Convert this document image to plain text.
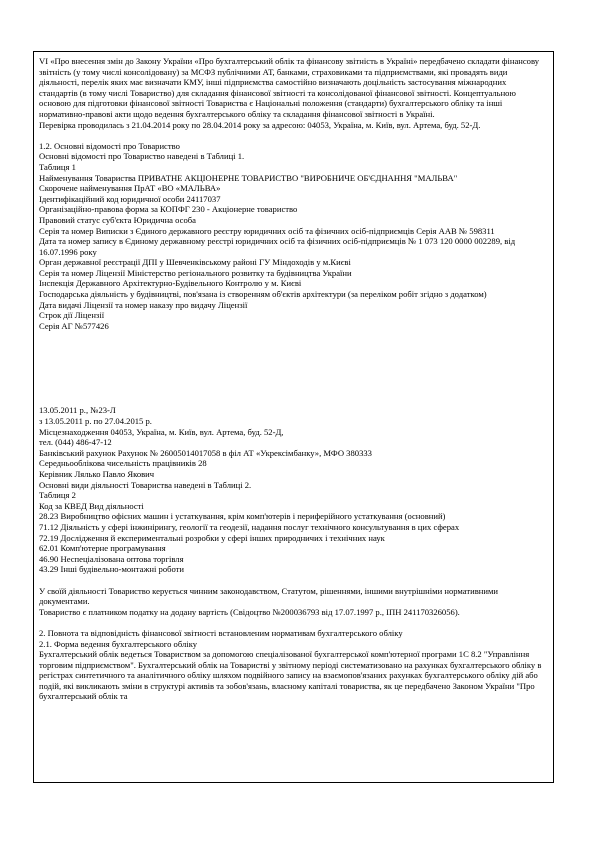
VI «Про внесення змін до Закону України «Про бухгалтерський облік та фінансову звітність в Україні» передбачено складати фінансову звітність (у тому числі консолідовану) за МСФЗ публічними АТ, банками, страховиками та підприємствами, які провадять види діяльності, перелік яких має визначати КМУ, інші підприємства самостійно визначають доцільність застосування міжнародних стандартів (в тому числі Товариство) для складання фінансової звітності та консолідованої фінансової звітності. Концептуальною основою для підготовки фінансової звітності Товариства є Національні положення (стандарти) бухгалтерського обліку та інші нормативно-правові акти щодо ведення бухгалтерського обліку та складання фінансової звітності в Україні.

Перевірка проводилась з 21.04.2014 року по 28.04.2014 року за адресою: 04053, Україна, м. Київ, вул. Артема, буд. 52-Д.

1.2. Основні відомості про Товариство

Основні відомості про Товариство наведені в Таблиці 1.

Таблиця 1

Найменування Товариства ПРИВАТНЕ АКЦІОНЕРНЕ ТОВАРИСТВО "ВИРОБНИЧЕ ОБ'ЄДНАННЯ "МАЛЬВА"

Скорочене найменування ПрАТ «ВО «МАЛЬВА»

Ідентифікаційний код юридичної особи 24117037

Організаційно-правова форма за КОПФГ 230 - Акціонерне товариство

Правовий статус суб'єкта Юридична особа

Серія та номер Виписки з Єдиного державного реєстру юридичних осіб та фізичних осіб-підприємців Серія ААВ № 598311

Дата та номер запису в Єдиному державному реєстрі юридичних осіб та фізичних осіб-підприємців № 1 073 120 0000 002289, від 16.07.1996 року

Орган державної реєстрації ДПІ у Шевченківському районі ГУ Міндоходів у м.Києві

Серія та номер Ліцензії Міністерство регіонального розвитку та будівництва України

Інспекція Державного Архітектурно-Будівельного Контролю у м. Києві

Господарська діяльність у будівництві, пов'язана із створенням об'єктів архітектури (за переліком робіт згідно з додатком)

Дата видачі Ліцензії та номер наказу про видачу Ліцензії

Строк дії Ліцензії

Серія АГ №577426

13.05.2011 р., №23-Л

з 13.05.2011 р. по 27.04.2015 р.

Місцезнаходження 04053, Україна, м. Київ, вул. Артема, буд. 52-Д,

тел. (044) 486-47-12

Банківський рахунок Рахунок № 26005014017058 в філ АТ «Укрексімбанку», МФО 380333

Середньооблікова чисельність працівників 28

Керівник Лялько Павло Якович

Основні види діяльності Товариства наведені в Таблиці 2.

Таблиця 2

Код за КВЕД Вид діяльності

28.23 Виробництво офісних машин і устаткування, крім комп'ютерів і периферійного устаткування (основний)

71.12 Діяльність у сфері інжинірингу, геології та геодезії, надання послуг технічного консультування в цих сферах

72.19 Дослідження й експериментальні розробки у сфері інших природничих і технічних наук

62.01 Комп'ютерне програмування

46.90 Неспеціалізована оптова торгівля

43.29 Інші будівельно-монтажні роботи

У своїй діяльності Товариство керується чинним законодавством, Статутом, рішеннями, іншими внутрішніми нормативними документами.

Товариство є платником податку на додану вартість (Свідоцтво №200036793 від 17.07.1997 р., ІПН 241170326056).

2. Повнота та відповідність фінансової звітності встановленим нормативам бухгалтерського обліку

2.1. Форма ведення бухгалтерського обліку

Бухгалтерський облік ведеться Товариством за допомогою спеціалізованої бухгалтерської комп'ютерної програми 1С 8.2 "Управління торговим підприємством". Бухгалтерський облік на Товаристві у звітному періоді систематизовано на рахунках бухгалтерського обліку в регістрах синтетичного та аналітичного обліку шляхом подвійного запису на взаємопов'язаних рахунках бухгалтерського обліку дій або подій, які викликають зміни в структурі активів та зобов'язань, власному капіталі товариства, як це передбачено Законом України "Про бухгалтерський облік та
